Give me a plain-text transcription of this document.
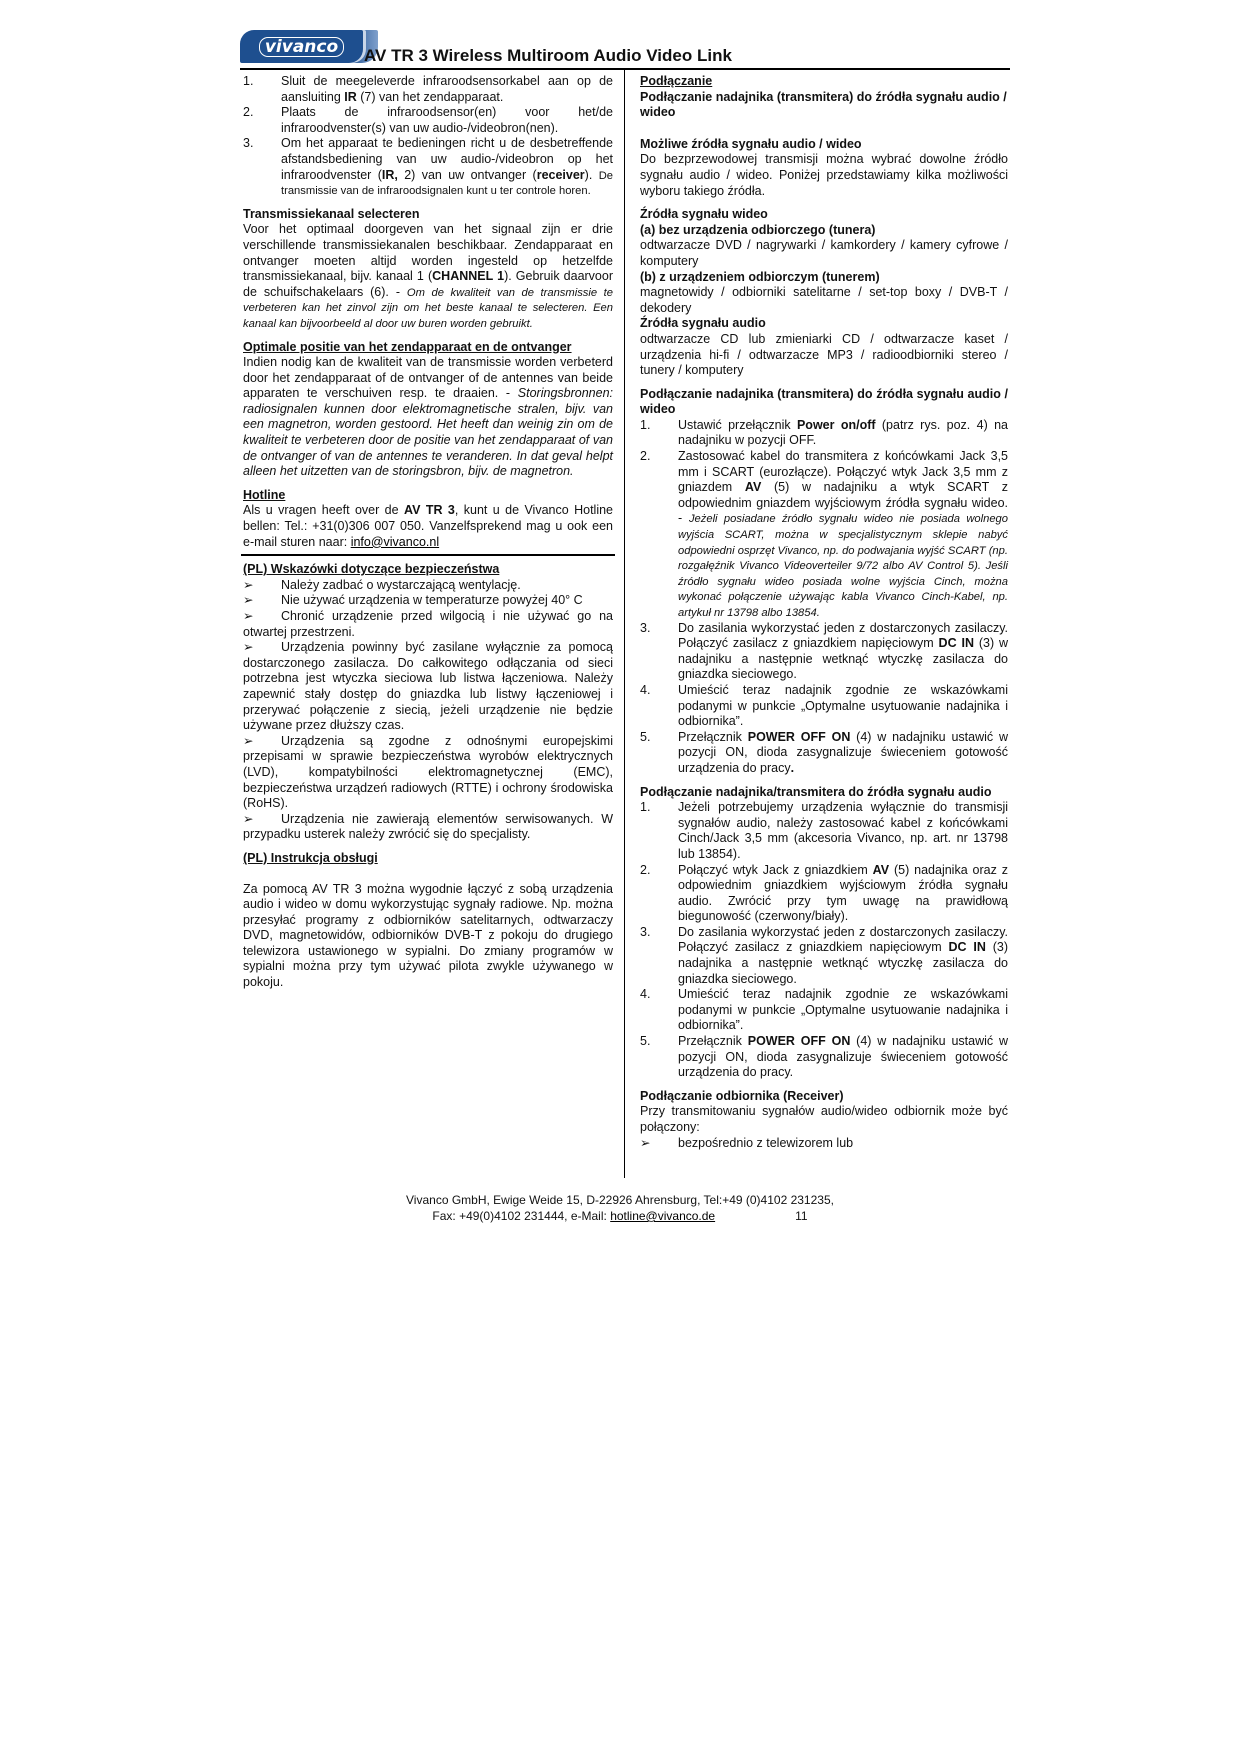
vivanco	AV TR 3 Wireless Multiroom Audio Video Link
1.	Sluit de meegeleverde infraroodsensorkabel aan op de aansluiting IR (7) van het zendapparaat.
2.	Plaats de infraroodsensor(en) voor het/de infraroodvenster(s) van uw audio-/videobron(nen).
3.	Om het apparaat te bedieningen richt u de desbetreffende afstandsbediening van uw audio-/videobron op het infraroodvenster (IR, 2) van uw ontvanger (receiver). De transmissie van de infraroodsignalen kunt u ter controle horen.

Transmissiekanaal selecteren

Voor het optimaal doorgeven van het signaal zijn er drie verschillende transmissiekanalen beschikbaar. Zendapparaat en ontvanger moeten altijd worden ingesteld op hetzelfde transmissiekanaal, bijv. kanaal 1 (CHANNEL 1). Gebruik daarvoor de schuifschakelaars (6). - Om de kwaliteit van de transmissie te verbeteren kan het zinvol zijn om het beste kanaal te selecteren. Een kanaal kan bijvoorbeeld al door uw buren worden gebruikt.

Optimale positie van het zendapparaat en de ontvanger

Indien nodig kan de kwaliteit van de transmissie worden verbeterd door het zendapparaat of de ontvanger of de antennes van beide apparaten te verschuiven resp. te draaien. - Storingsbronnen: radiosignalen kunnen door elektromagnetische stralen, bijv. van een magnetron, worden gestoord. Het heeft dan weinig zin om de kwaliteit te verbeteren door de positie van het zendapparaat of van de ontvanger of van de antennes te veranderen. In dat geval helpt alleen het uitzetten van de storingsbron, bijv. de magnetron.

Hotline

Als u vragen heeft over de AV TR 3, kunt u de Vivanco Hotline bellen: Tel.: +31(0)306 007 050. Vanzelfsprekend mag u ook een e-mail sturen naar: info@vivanco.nl

(PL) Wskazówki dotyczące bezpieczeństwa

➢ Należy zadbać o wystarczającą wentylację.

➢ Nie używać urządzenia w temperaturze powyżej 40° C

➢ Chronić urządzenie przed wilgocią i nie używać go na otwartej przestrzeni.

➢ Urządzenia powinny być zasilane wyłącznie za pomocą dostarczonego zasilacza. Do całkowitego odłączania od sieci potrzebna jest wtyczka sieciowa lub listwa łączeniowa. Należy zapewnić stały dostęp do gniazdka lub listwy łączeniowej i przerywać połączenie z siecią, jeżeli urządzenie nie będzie używane przez dłuższy czas.

➢ Urządzenia są zgodne z odnośnymi europejskimi przepisami w sprawie bezpieczeństwa wyrobów elektrycznych (LVD), kompatybilności elektromagnetycznej (EMC), bezpieczeństwa urządzeń radiowych (RTTE) i ochrony środowiska (RoHS).

➢ Urządzenia nie zawierają elementów serwisowanych. W przypadku usterek należy zwrócić się do specjalisty.

(PL) Instrukcja obsługi

Za pomocą AV TR 3 można wygodnie łączyć z sobą urządzenia audio i wideo w domu wykorzystując sygnały radiowe. Np. można przesyłać programy z odbiorników satelitarnych, odtwarzaczy DVD, magnetowidów, odbiorników DVB-T z pokoju do drugiego telewizora ustawionego w sypialni. Do zmiany programów w sypialni można przy tym używać pilota zwykle używanego w pokoju.

Podłączanie

Podłączanie nadajnika (transmitera) do źródła sygnału audio / wideo

Możliwe źródła sygnału audio / wideo

Do bezprzewodowej transmisji można wybrać dowolne źródło sygnału audio / wideo. Poniżej przedstawiamy kilka możliwości wyboru takiego źródła.

Źródła sygnału wideo

(a) bez urządzenia odbiorczego (tunera)

odtwarzacze DVD / nagrywarki / kamkordery / kamery cyfrowe / komputery

(b) z urządzeniem odbiorczym (tunerem)

magnetowidy / odbiorniki satelitarne / set-top boxy / DVB-T / dekodery

Źródła sygnału audio

odtwarzacze CD lub zmieniarki CD / odtwarzacze kaset / urządzenia hi-fi / odtwarzacze MP3 / radioodbiorniki stereo / tunery / komputery

Podłączanie nadajnika (transmitera) do źródła sygnału audio / wideo

1.	Ustawić przełącznik Power on/off (patrz rys. poz. 4) na nadajniku w pozycji OFF.
2.	Zastosować kabel do transmitera z końcówkami Jack 3,5 mm i SCART (eurozłącze). Połączyć wtyk Jack 3,5 mm z gniazdem AV (5) w nadajniku a wtyk SCART z odpowiednim gniazdem wyjściowym źródła sygnału wideo. - Jeżeli posiadane źródło sygnału wideo nie posiada wolnego wyjścia SCART, można w specjalistycznym sklepie nabyć odpowiedni osprzęt Vivanco, np. do podwajania wyjść SCART (np. rozgałęźnik Vivanco Videoverteiler 9/72 albo AV Control 5). Jeśli źródło sygnału wideo posiada wolne wyjścia Cinch, można wykonać połączenie używając kabla Vivanco Cinch-Kabel, np. artykuł nr 13798 albo 13854.
3.	Do zasilania wykorzystać jeden z dostarczonych zasilaczy. Połączyć zasilacz z gniazdkiem napięciowym DC IN (3) w nadajniku a następnie wetknąć wtyczkę zasilacza do gniazdka sieciowego.
4.	Umieścić teraz nadajnik zgodnie ze wskazówkami podanymi w punkcie „Optymalne usytuowanie nadajnika i odbiornika”.
5.	Przełącznik POWER OFF ON (4) w nadajniku ustawić w pozycji ON, dioda zasygnalizuje świeceniem gotowość urządzenia do pracy.

Podłączanie nadajnika/transmitera do źródła sygnału audio

1.	Jeżeli potrzebujemy urządzenia wyłącznie do transmisji sygnałów audio, należy zastosować kabel z końcówkami Cinch/Jack 3,5 mm (akcesoria Vivanco, np. art. nr 13798 lub 13854).
2.	Połączyć wtyk Jack z gniazdkiem AV (5) nadajnika oraz z odpowiednim gniazdkiem wyjściowym źródła sygnału audio. Zwrócić przy tym uwagę na prawidłową biegunowość (czerwony/biały).
3.	Do zasilania wykorzystać jeden z dostarczonych zasilaczy. Połączyć zasilacz z gniazdkiem napięciowym DC IN (3) nadajnika a następnie wetknąć wtyczkę zasilacza do gniazdka sieciowego.
4.	Umieścić teraz nadajnik zgodnie ze wskazówkami podanymi w punkcie „Optymalne usytuowanie nadajnika i odbiornika”.
5.	Przełącznik POWER OFF ON (4) w nadajniku ustawić w pozycji ON, dioda zasygnalizuje świeceniem gotowość urządzenia do pracy.

Podłączanie odbiornika (Receiver)

Przy transmitowaniu sygnałów audio/wideo odbiornik może być połączony:

➢ bezpośrednio z telewizorem lub

Vivanco GmbH, Ewige Weide 15, D-22926 Ahrensburg, Tel:+49 (0)4102 231235,
Fax: +49(0)4102 231444, e-Mail: hotline@vivanco.de	11
